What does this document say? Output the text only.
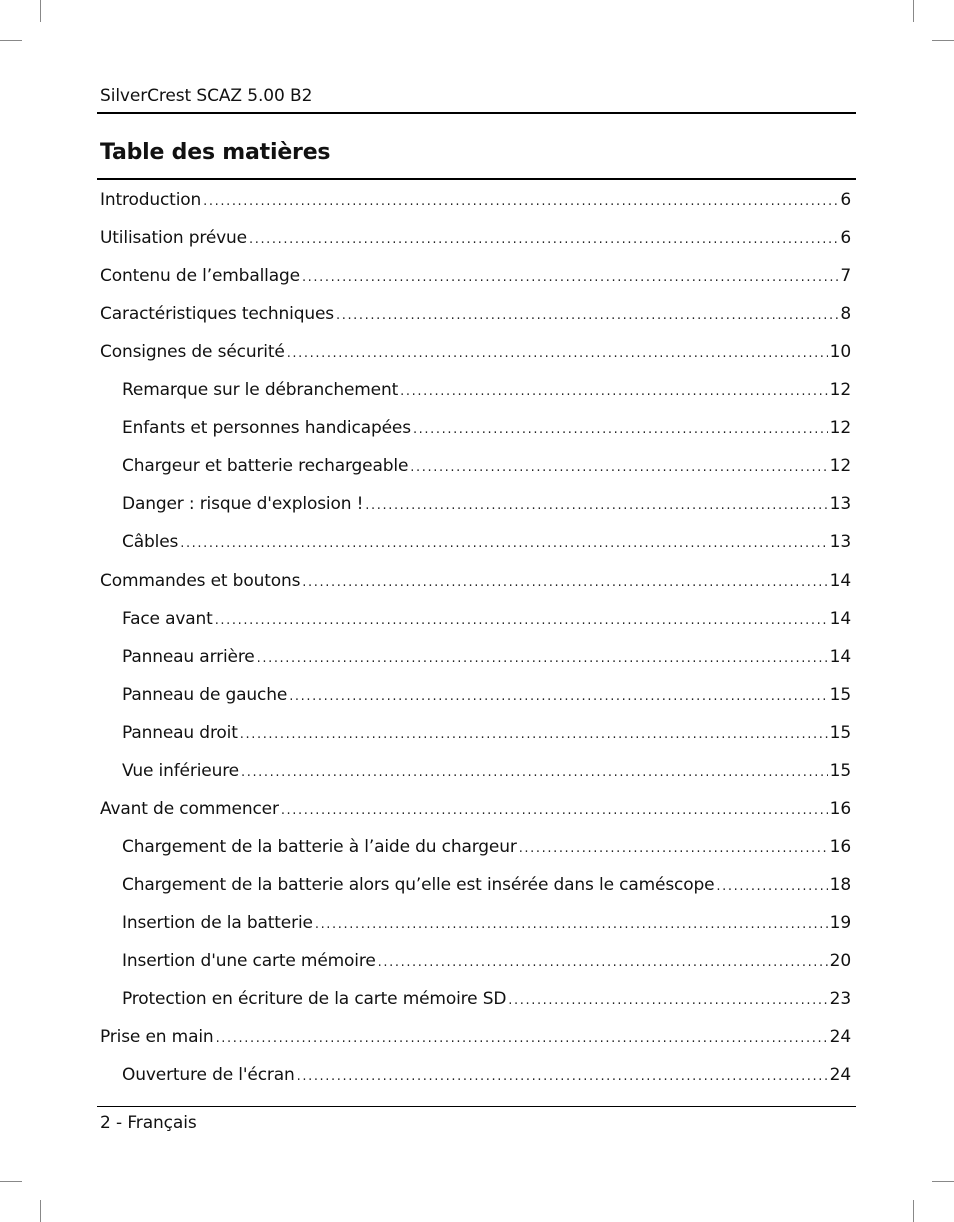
SilverCrest SCAZ 5.00 B2
Table des matières
Introduction .....	6
Utilisation prévue .....	6
Contenu de l’emballage .....	7
Caractéristiques techniques .....	8
Consignes de sécurité .....	10
Remarque sur le débranchement .....	12
Enfants et personnes handicapées .....	12
Chargeur et batterie rechargeable .....	12
Danger : risque d'explosion ! .....	13
Câbles .....	13
Commandes et boutons .....	14
Face avant .....	14
Panneau arrière .....	14
Panneau de gauche .....	15
Panneau droit .....	15
Vue inférieure .....	15
Avant de commencer .....	16
Chargement de la batterie à l’aide du chargeur .....	16
Chargement de la batterie alors qu’elle est insérée dans le caméscope .....	18
Insertion de la batterie .....	19
Insertion d'une carte mémoire .....	20
Protection en écriture de la carte mémoire SD .....	23
Prise en main .....	24
Ouverture de l'écran .....	24
2 - Français
